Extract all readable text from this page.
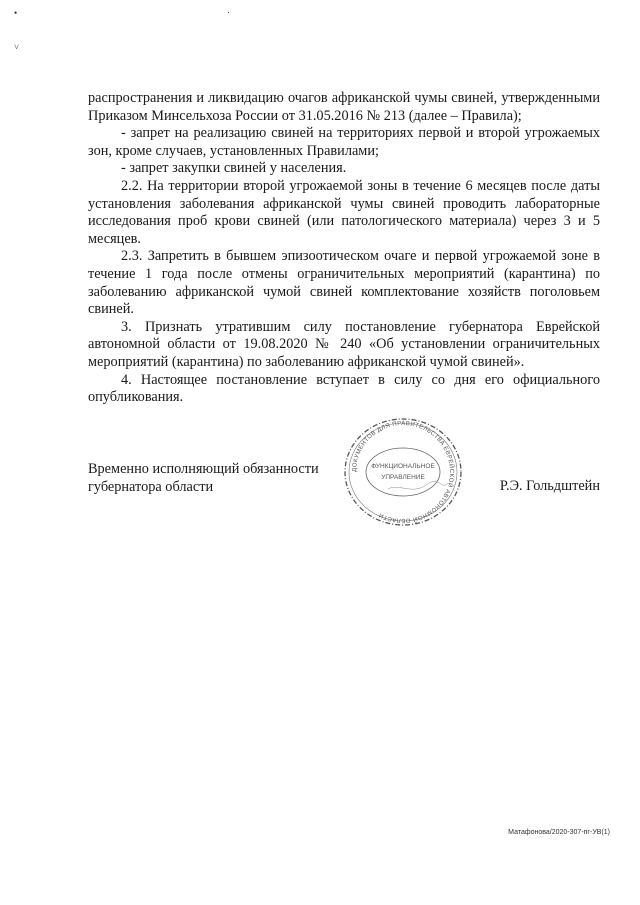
•
˅

распространения и ликвидацию очагов африканской чумы свиней, утвержденными Приказом Минсельхоза России от 31.05.2016 № 213 (далее – Правила);

- запрет на реализацию свиней на территориях первой и второй угрожаемых зон, кроме случаев, установленных Правилами;

- запрет закупки свиней у населения.

2.2. На территории второй угрожаемой зоны в течение 6 месяцев после даты установления заболевания африканской чумы свиней проводить лабораторные исследования проб крови свиней (или патологического материала) через 3 и 5 месяцев.

2.3. Запретить в бывшем эпизоотическом очаге и первой угрожаемой зоне в течение 1 года после отмены ограничительных мероприятий (карантина) по заболеванию африканской чумой свиней комплектование хозяйств поголовьем свиней.

3. Признать утратившим силу постановление губернатора Еврейской автономной области от 19.08.2020 № 240 «Об установлении ограничительных мероприятий (карантина) по заболеванию африканской чумой свиней».

4. Настоящее постановление вступает в силу со дня его официального опубликования.

ДОКУМЕНТОВ ДЛЯ ПРАВИТЕЛЬСТВА ЕВРЕЙСКОЙ АВТОНОМНОЙ ОБЛАСТИ
ФУНКЦИОНАЛЬНОЕ
УПРАВЛЕНИЕ
Временно исполняющий обязанности
губернатора области	Р.Э. Гольдштейн
Матафонова/2020-307-пг-УВ(1)
